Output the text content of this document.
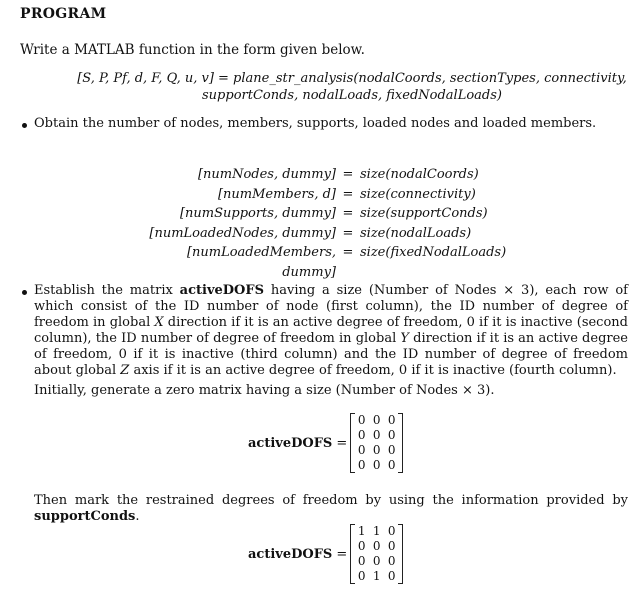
PROGRAM
Write a MATLAB function in the form given below.
[S, P, Pf, d, F, Q, u, v] = plane_str_analysis(nodalCoords, sectionTypes, connectivity,
supportConds, nodalLoads, fixedNodalLoads)
Obtain the number of nodes, members, supports, loaded nodes and loaded members.
[numNodes, dummy] = size(nodalCoords)
[numMembers, d] = size(connectivity)
[numSupports, dummy] = size(supportConds)
[numLoadedNodes, dummy] = size(nodalLoads)
[numLoadedMembers, dummy]
= size(fixedNodalLoads)
Establish the matrix activeDOFS having a size (Number of Nodes × 3), each row of which consist of the ID number of node (first column), the ID number of degree of freedom in global X direction if it is an active degree of freedom, 0 if it is inactive (second column), the ID number of degree of freedom in global Y direction if it is an active degree of freedom, 0 if it is inactive (third column) and the ID number of degree of freedom about global Z axis if it is an active degree of freedom, 0 if it is inactive (fourth column).
Initially, generate a zero matrix having a size (Number of Nodes × 3).
activeDOFS =
0 0 0
0 0 0
0 0 0
0 0 0
Then mark the restrained degrees of freedom by using the information provided by supportConds.
activeDOFS =
1 1 0
0 0 0
0 0 0
0 1 0
